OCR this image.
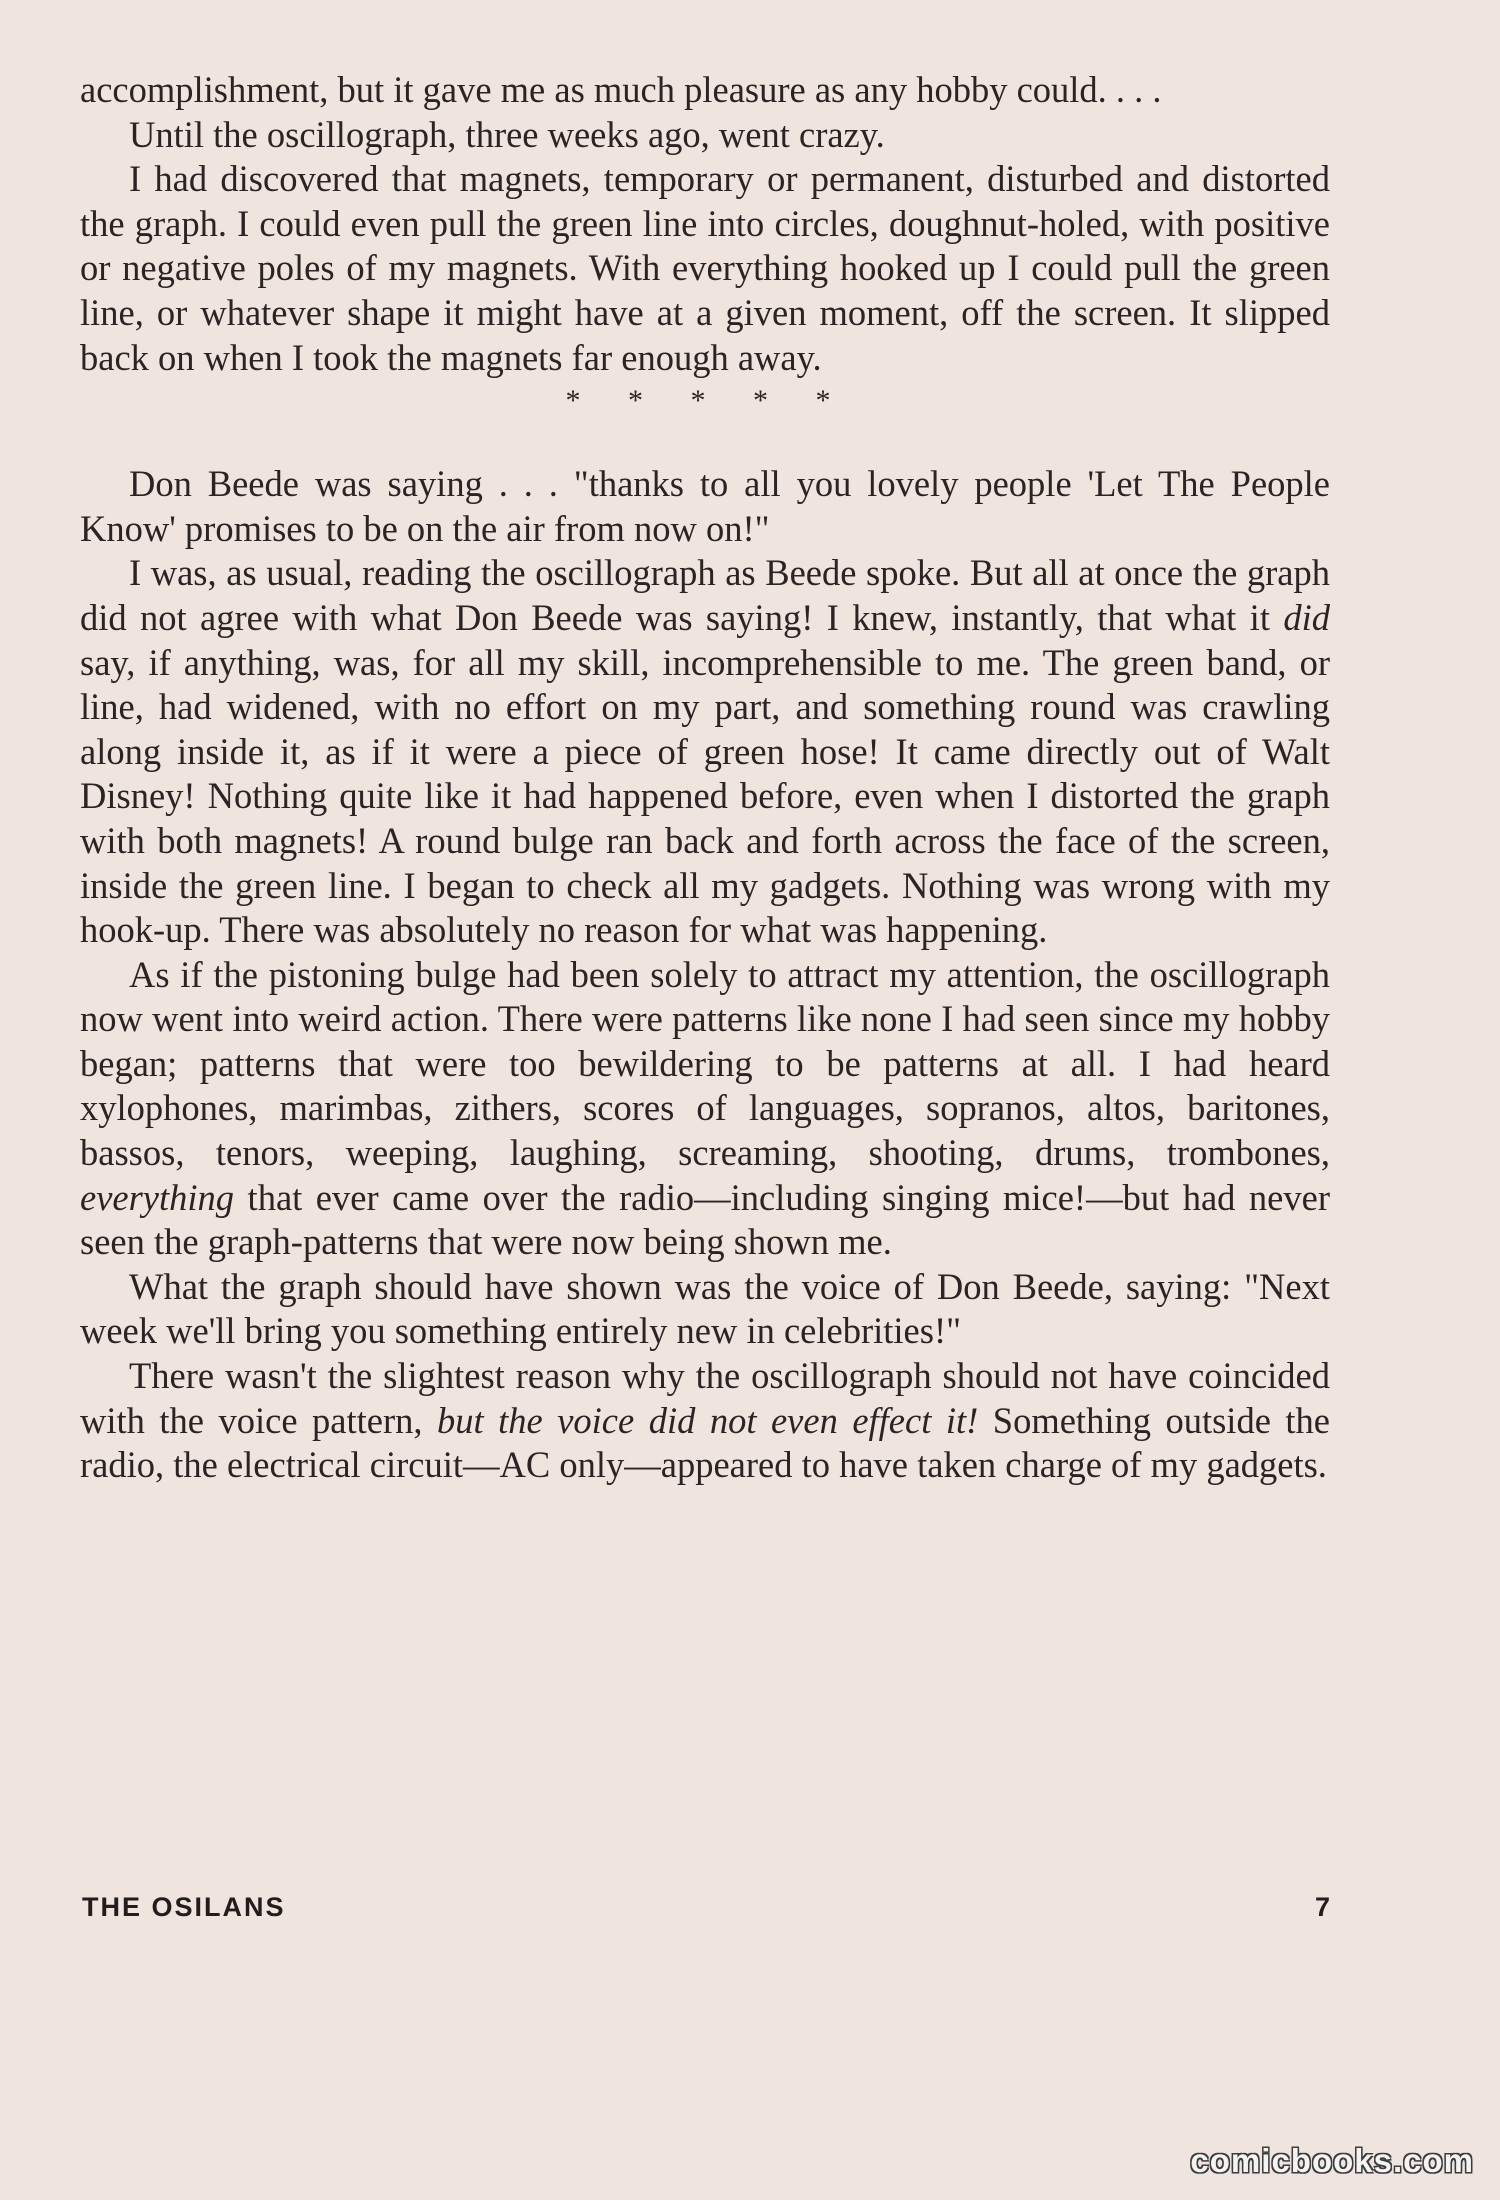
accomplishment, but it gave me as much pleasure as any hobby could. . . .

Until the oscillograph, three weeks ago, went crazy.

I had discovered that magnets, temporary or permanent, disturbed and distorted the graph. I could even pull the green line into circles, doughnut-holed, with positive or negative poles of my magnets. With everything hooked up I could pull the green line, or whatever shape it might have at a given moment, off the screen. It slipped back on when I took the magnets far enough away.

* * * * *

Don Beede was saying . . . "thanks to all you lovely people 'Let The People Know' promises to be on the air from now on!"

I was, as usual, reading the oscillograph as Beede spoke. But all at once the graph did not agree with what Don Beede was saying! I knew, instantly, that what it did say, if anything, was, for all my skill, incomprehensible to me. The green band, or line, had widened, with no effort on my part, and something round was crawling along inside it, as if it were a piece of green hose! It came directly out of Walt Disney! Nothing quite like it had happened before, even when I distorted the graph with both magnets! A round bulge ran back and forth across the face of the screen, inside the green line. I began to check all my gadgets. Nothing was wrong with my hook-up. There was absolutely no reason for what was happening.

As if the pistoning bulge had been solely to attract my attention, the oscillograph now went into weird action. There were patterns like none I had seen since my hobby began; patterns that were too bewildering to be patterns at all. I had heard xylophones, marimbas, zithers, scores of languages, sopranos, altos, baritones, bassos, tenors, weeping, laughing, screaming, shooting, drums, trombones, everything that ever came over the radio—including singing mice!—but had never seen the graph-patterns that were now being shown me.

What the graph should have shown was the voice of Don Beede, saying: "Next week we'll bring you something entirely new in celebrities!"

There wasn't the slightest reason why the oscillograph should not have coincided with the voice pattern, but the voice did not even effect it! Something outside the radio, the electrical circuit—AC only—appeared to have taken charge of my gadgets.

THE OSILANS	7
comicbooks.com
